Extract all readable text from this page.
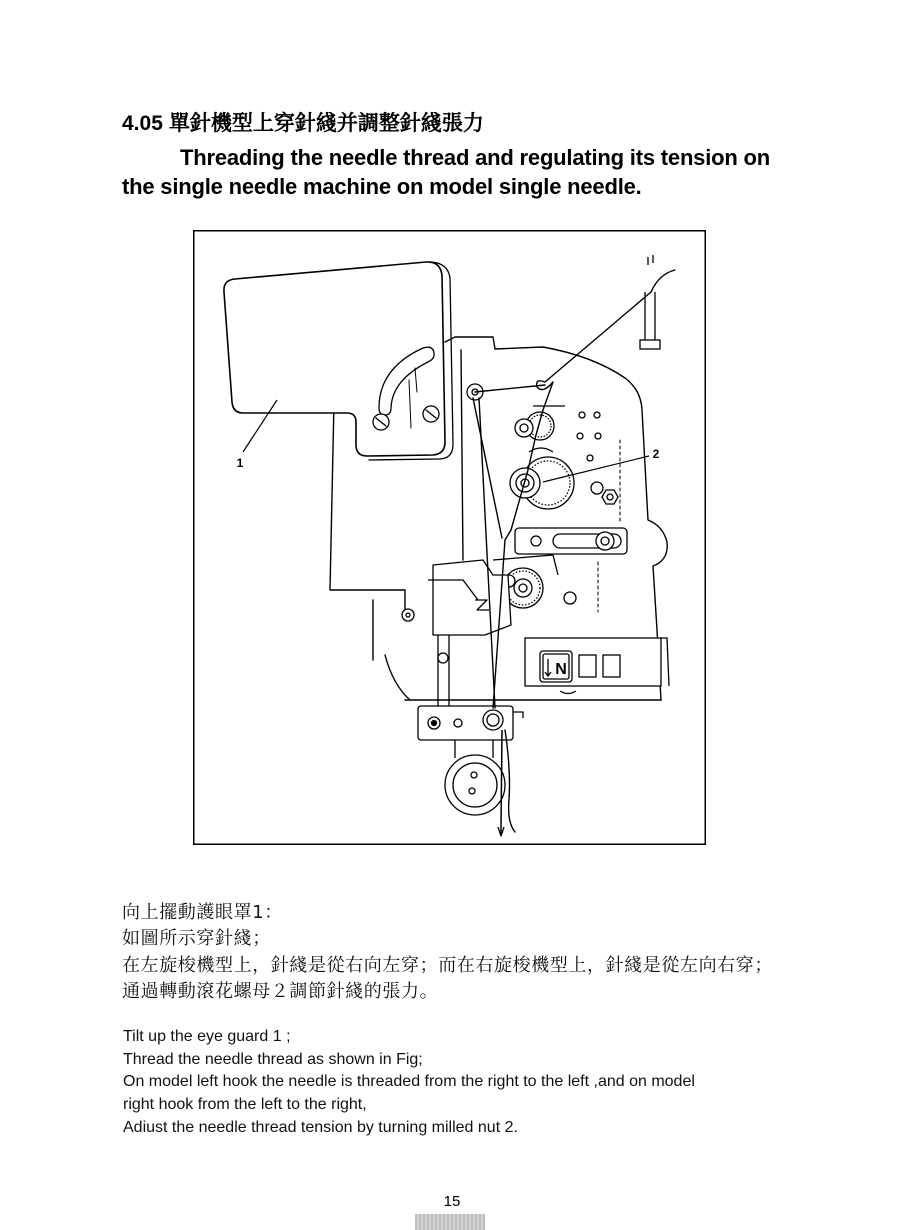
4.05 單針機型上穿針綫并調整針綫張力
Threading the needle thread and regulating its tension on
the single needle machine on model single needle.
N
1
2
向上擺動護眼罩1：
如圖所示穿針綫；
在左旋梭機型上，針綫是從右向左穿；而在右旋梭機型上，針綫是從左向右穿；
通過轉動滾花螺母２調節針綫的張力。
Tilt up the eye guard 1 ;
Thread the needle thread as shown in Fig;
On model left hook the needle is threaded from the right to the left ,and on model
right hook from the left to the right,
Adiust the needle thread tension by turning milled nut 2.
15
